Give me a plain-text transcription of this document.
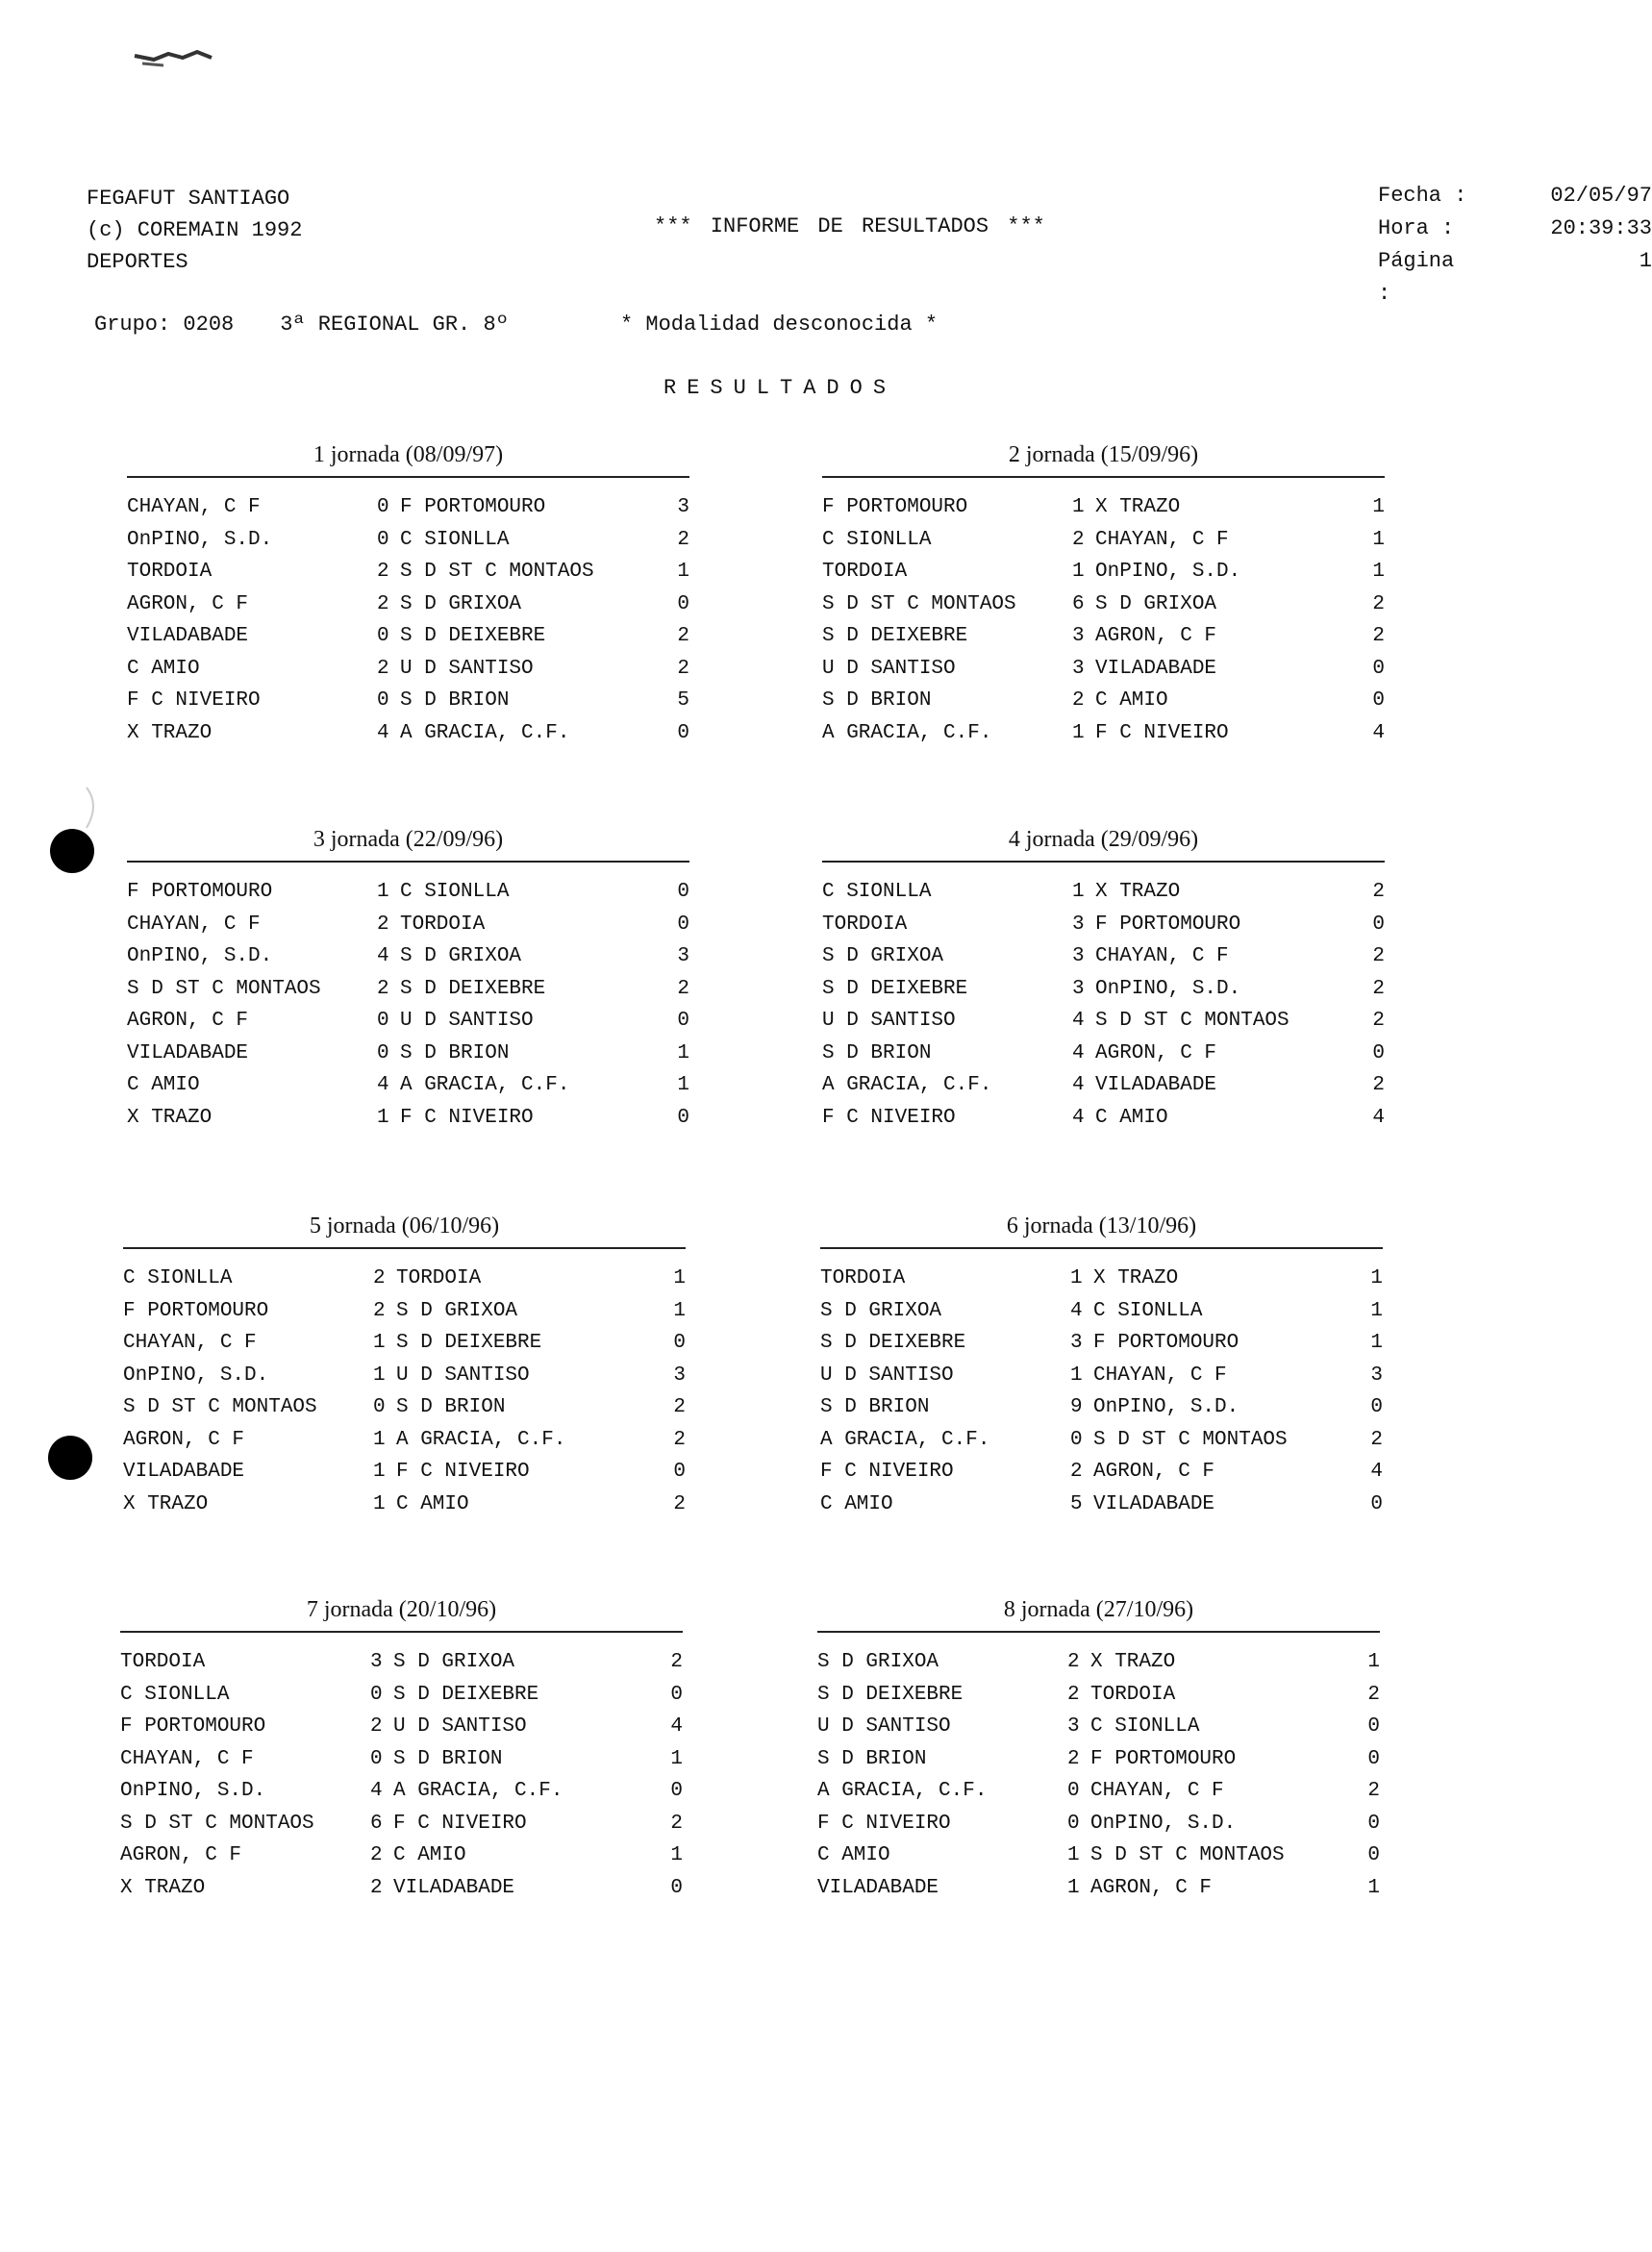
FEGAFUT SANTIAGO
(c) COREMAIN 1992
DEPORTES
*** INFORME DE RESULTADOS ***
Fecha :	02/05/97
Hora :	20:39:33
Página :
1
Grupo: 0208 3ª REGIONAL GR. 8º	* Modalidad desconocida *
RESULTADOS
1 jornada (08/09/97)
CHAYAN, C F	0 F PORTOMOURO	3
OnPINO, S.D.	0 C SIONLLA	2
TORDOIA	2 S D ST C MONTAOS	1
AGRON, C F	2 S D GRIXOA	0
VILADABADE	0 S D DEIXEBRE	2
C AMIO	2 U D SANTISO	2
F C NIVEIRO	0 S D BRION	5
X TRAZO	4 A GRACIA, C.F.	0
2 jornada (15/09/96)
F PORTOMOURO	1 X TRAZO	1
C SIONLLA	2 CHAYAN, C F	1
TORDOIA	1 OnPINO, S.D.	1
S D ST C MONTAOS	6 S D GRIXOA	2
S D DEIXEBRE	3 AGRON, C F	2
U D SANTISO	3 VILADABADE	0
S D BRION	2 C AMIO	0
A GRACIA, C.F.	1 F C NIVEIRO	4
3 jornada (22/09/96)
F PORTOMOURO	1 C SIONLLA	0
CHAYAN, C F	2 TORDOIA	0
OnPINO, S.D.	4 S D GRIXOA	3
S D ST C MONTAOS	2 S D DEIXEBRE	2
AGRON, C F	0 U D SANTISO	0
VILADABADE	0 S D BRION	1
C AMIO	4 A GRACIA, C.F.	1
X TRAZO	1 F C NIVEIRO	0
4 jornada (29/09/96)
C SIONLLA	1 X TRAZO	2
TORDOIA	3 F PORTOMOURO	0
S D GRIXOA	3 CHAYAN, C F	2
S D DEIXEBRE	3 OnPINO, S.D.	2
U D SANTISO	4 S D ST C MONTAOS	2
S D BRION	4 AGRON, C F	0
A GRACIA, C.F.	4 VILADABADE	2
F C NIVEIRO	4 C AMIO	4
5 jornada (06/10/96)
C SIONLLA	2 TORDOIA	1
F PORTOMOURO	2 S D GRIXOA	1
CHAYAN, C F	1 S D DEIXEBRE	0
OnPINO, S.D.	1 U D SANTISO	3
S D ST C MONTAOS	0 S D BRION	2
AGRON, C F	1 A GRACIA, C.F.	2
VILADABADE	1 F C NIVEIRO	0
X TRAZO	1 C AMIO	2
6 jornada (13/10/96)
TORDOIA	1 X TRAZO	1
S D GRIXOA	4 C SIONLLA	1
S D DEIXEBRE	3 F PORTOMOURO	1
U D SANTISO	1 CHAYAN, C F	3
S D BRION	9 OnPINO, S.D.	0
A GRACIA, C.F.	0 S D ST C MONTAOS	2
F C NIVEIRO	2 AGRON, C F	4
C AMIO	5 VILADABADE	0
7 jornada (20/10/96)
TORDOIA	3 S D GRIXOA	2
C SIONLLA	0 S D DEIXEBRE	0
F PORTOMOURO	2 U D SANTISO	4
CHAYAN, C F	0 S D BRION	1
OnPINO, S.D.	4 A GRACIA, C.F.	0
S D ST C MONTAOS	6 F C NIVEIRO	2
AGRON, C F	2 C AMIO	1
X TRAZO	2 VILADABADE	0
8 jornada (27/10/96)
S D GRIXOA	2 X TRAZO	1
S D DEIXEBRE	2 TORDOIA	2
U D SANTISO	3 C SIONLLA	0
S D BRION	2 F PORTOMOURO	0
A GRACIA, C.F.	0 CHAYAN, C F	2
F C NIVEIRO	0 OnPINO, S.D.	0
C AMIO	1 S D ST C MONTAOS	0
VILADABADE	1 AGRON, C F	1
